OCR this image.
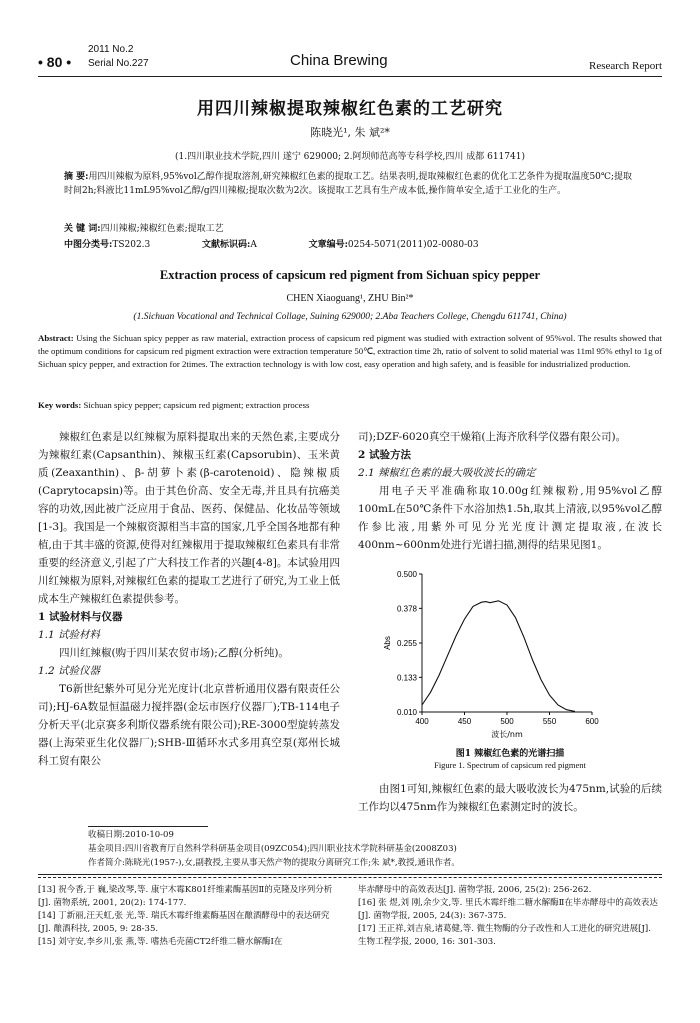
2011 No.2
• 80 • Serial No.227	China Brewing	Research Report
用四川辣椒提取辣椒红色素的工艺研究
陈晓光¹, 朱 斌²*
(1.四川职业技术学院,四川 遂宁 629000; 2.阿坝师范高等专科学校,四川 成都 611741)
摘 要:用四川辣椒为原料,95%vol乙醇作提取溶剂,研究辣椒红色素的提取工艺。结果表明,提取辣椒红色素的优化工艺条件为提取温度50℃;提取时间2h;料液比11mL95%vol乙醇/g四川辣椒;提取次数为2次。该提取工艺具有生产成本低,操作简单安全,适于工业化的生产。
关 键 词:四川辣椒;辣椒红色素;提取工艺
中图分类号:TS202.3	文献标识码:A	文章编号:0254-5071(2011)02-0080-03
Extraction process of capsicum red pigment from Sichuan spicy pepper
CHEN Xiaoguang¹, ZHU Bin²*
(1.Sichuan Vocational and Technical Collage, Suining 629000; 2.Aba Teachers College, Chengdu 611741, China)
Abstract: Using the Sichuan spicy pepper as raw material, extraction process of capsicum red pigment was studied with extraction solvent of 95%vol. The results showed that the optimum conditions for capsicum red pigment extraction were extraction temperature 50℃, extraction time 2h, ratio of solvent to solid material was 11ml 95% ethyl to 1g of Sichuan spicy pepper, and extraction for 2times. The extraction technology is with low cost, easy operation and high safety, and is feasible for industrialized production.
Key words: Sichuan spicy pepper; capsicum red pigment; extraction process

辣椒红色素是以红辣椒为原料提取出来的天然色素,主要成分为辣椒红素(Capsanthin)、辣椒玉红素(Capsorubin)、玉米黄质(Zeaxanthin)、β-胡萝卜素(β-carotenoid)、隐辣椒质(Caprytocapsin)等。由于其色价高、安全无毒,并且具有抗癌美容的功效,因此被广泛应用于食品、医药、保健品、化妆品等领域[1-3]。我国是一个辣椒资源相当丰富的国家,几乎全国各地都有种植,由于其丰盛的资源,使得对红辣椒用于提取辣椒红色素具有非常重要的经济意义,引起了广大科技工作者的兴趣[4-8]。本试验用四川红辣椒为原料,对辣椒红色素的提取工艺进行了研究,为工业上低成本生产辣椒红色素提供参考。

1 试验材料与仪器
1.1 试验材料

四川红辣椒(购于四川某农贸市场);乙醇(分析纯)。

1.2 试验仪器

T6新世纪紫外可见分光光度计(北京普析通用仪器有限责任公司);HJ-6A数显恒温磁力搅拌器(金坛市医疗仪器厂);TB-114电子分析天平(北京赛多利斯仪器系统有限公司);RE-3000型旋转蒸发器(上海荣亚生化仪器厂);SHB-Ⅲ循环水式多用真空泵(郑州长城科工贸有限公

司);DZF-6020真空干燥箱(上海齐欣科学仪器有限公司)。
2 试验方法
2.1 辣椒红色素的最大吸收波长的确定

用电子天平准确称取10.00g红辣椒粉,用95%vol乙醇100mL在50℃条件下水浴加热1.5h,取其上清液,以95%vol乙醇作参比液,用紫外可见分光光度计测定提取液,在波长400nm~600nm处进行光谱扫描,测得的结果见图1。

400	450	500	550	600
0.010
0.133
0.255
0.378
0.500
波长/nm
Abs
图1 辣椒红色素的光谱扫描
Figure 1. Spectrum of capsicum red pigment

由图1可知,辣椒红色素的最大吸收波长为475nm,试验的后续工作均以475nm作为辣椒红色素测定时的波长。

收稿日期:2010-10-09
基金项目:四川省教育厅自然科学科研基金项目(09ZC054);四川职业技术学院科研基金(2008Z03)
作者简介:陈晓光(1957-),女,副教授,主要从事天然产物的提取分离研究工作;朱 斌*,教授,通讯作者。
[13] 祝今香,于 巍,梁改琴,等. 康宁木霉K801纤维素酶基因Ⅱ的克隆及序列分析[J]. 菌物系统, 2001, 20(2): 174-177.
[14] 丁新丽,汪天虹,张 光,等. 瑞氏木霉纤维素酶基因在酿酒酵母中的表达研究[J]. 酿酒科技, 2005, 9: 28-35.
[15] 刘守安,李乡川,张 燕,等. 嗜热毛壳菌CT2纤维二糖水解酶Ⅰ在
毕赤酵母中的高效表达[J]. 菌物学报, 2006, 25(2): 256-262.
[16] 张 煜,刘 刚,余少文,等. 里氏木霉纤维二糖水解酶Ⅱ在毕赤酵母中的高效表达[J]. 菌物学报, 2005, 24(3): 367-375.
[17] 王正祥,刘吉泉,诸葛健,等. 微生物酶的分子改性和人工进化的研究进展[J]. 生物工程学报, 2000, 16: 301-303.
